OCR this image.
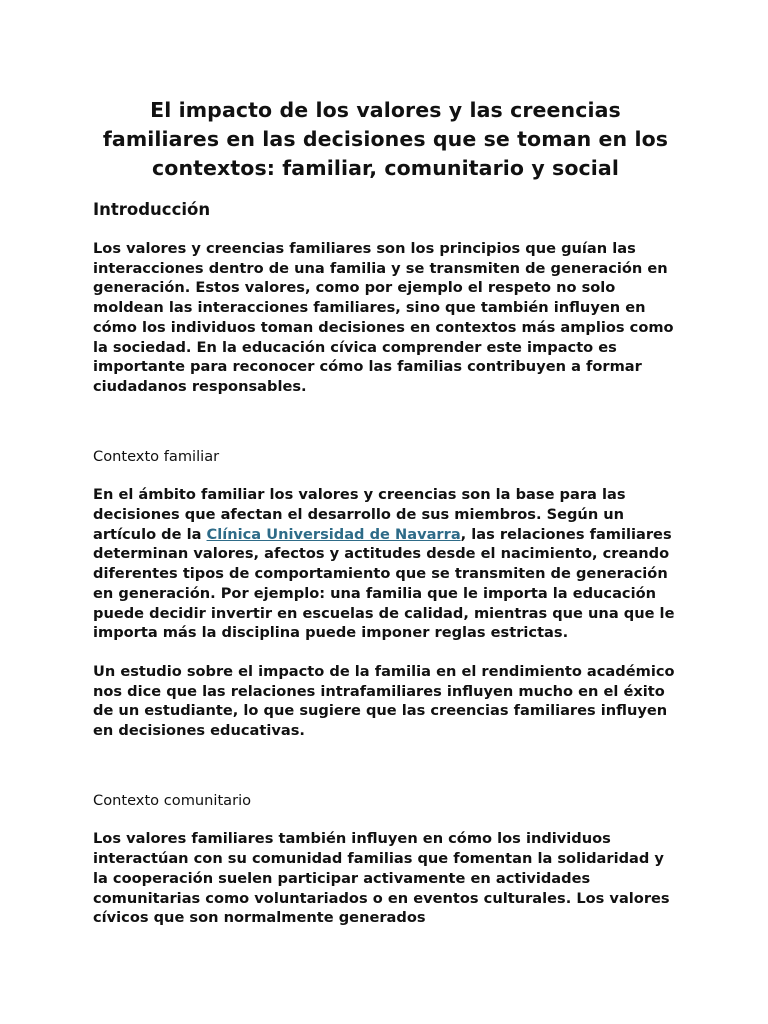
El impacto de los valores y las creencias familiares en las decisiones que se toman en los contextos: familiar, comunitario y social
Introducción

Los valores y creencias familiares son los principios que guían las interacciones dentro de una familia y se transmiten de generación en generación. Estos valores, como por ejemplo el respeto no solo moldean las interacciones familiares, sino que también influyen en cómo los individuos toman decisiones en contextos más amplios como la sociedad. En la educación cívica comprender este impacto es importante para reconocer cómo las familias contribuyen a formar ciudadanos responsables.

Contexto familiar

En el ámbito familiar los valores y creencias son la base para las decisiones que afectan el desarrollo de sus miembros. Según un artículo de la Clínica Universidad de Navarra, las relaciones familiares determinan valores, afectos y actitudes desde el nacimiento, creando diferentes tipos de comportamiento que se transmiten de generación en generación. Por ejemplo: una familia que le importa la educación puede decidir invertir en escuelas de calidad, mientras que una que le importa más la disciplina puede imponer reglas estrictas.

Un estudio sobre el impacto de la familia en el rendimiento académico nos dice que las relaciones intrafamiliares influyen mucho en el éxito de un estudiante, lo que sugiere que las creencias familiares influyen en decisiones educativas.

Contexto comunitario

Los valores familiares también influyen en cómo los individuos interactúan con su comunidad familias que fomentan la solidaridad y la cooperación suelen participar activamente en actividades comunitarias como voluntariados o en eventos culturales. Los valores cívicos que son normalmente generados
